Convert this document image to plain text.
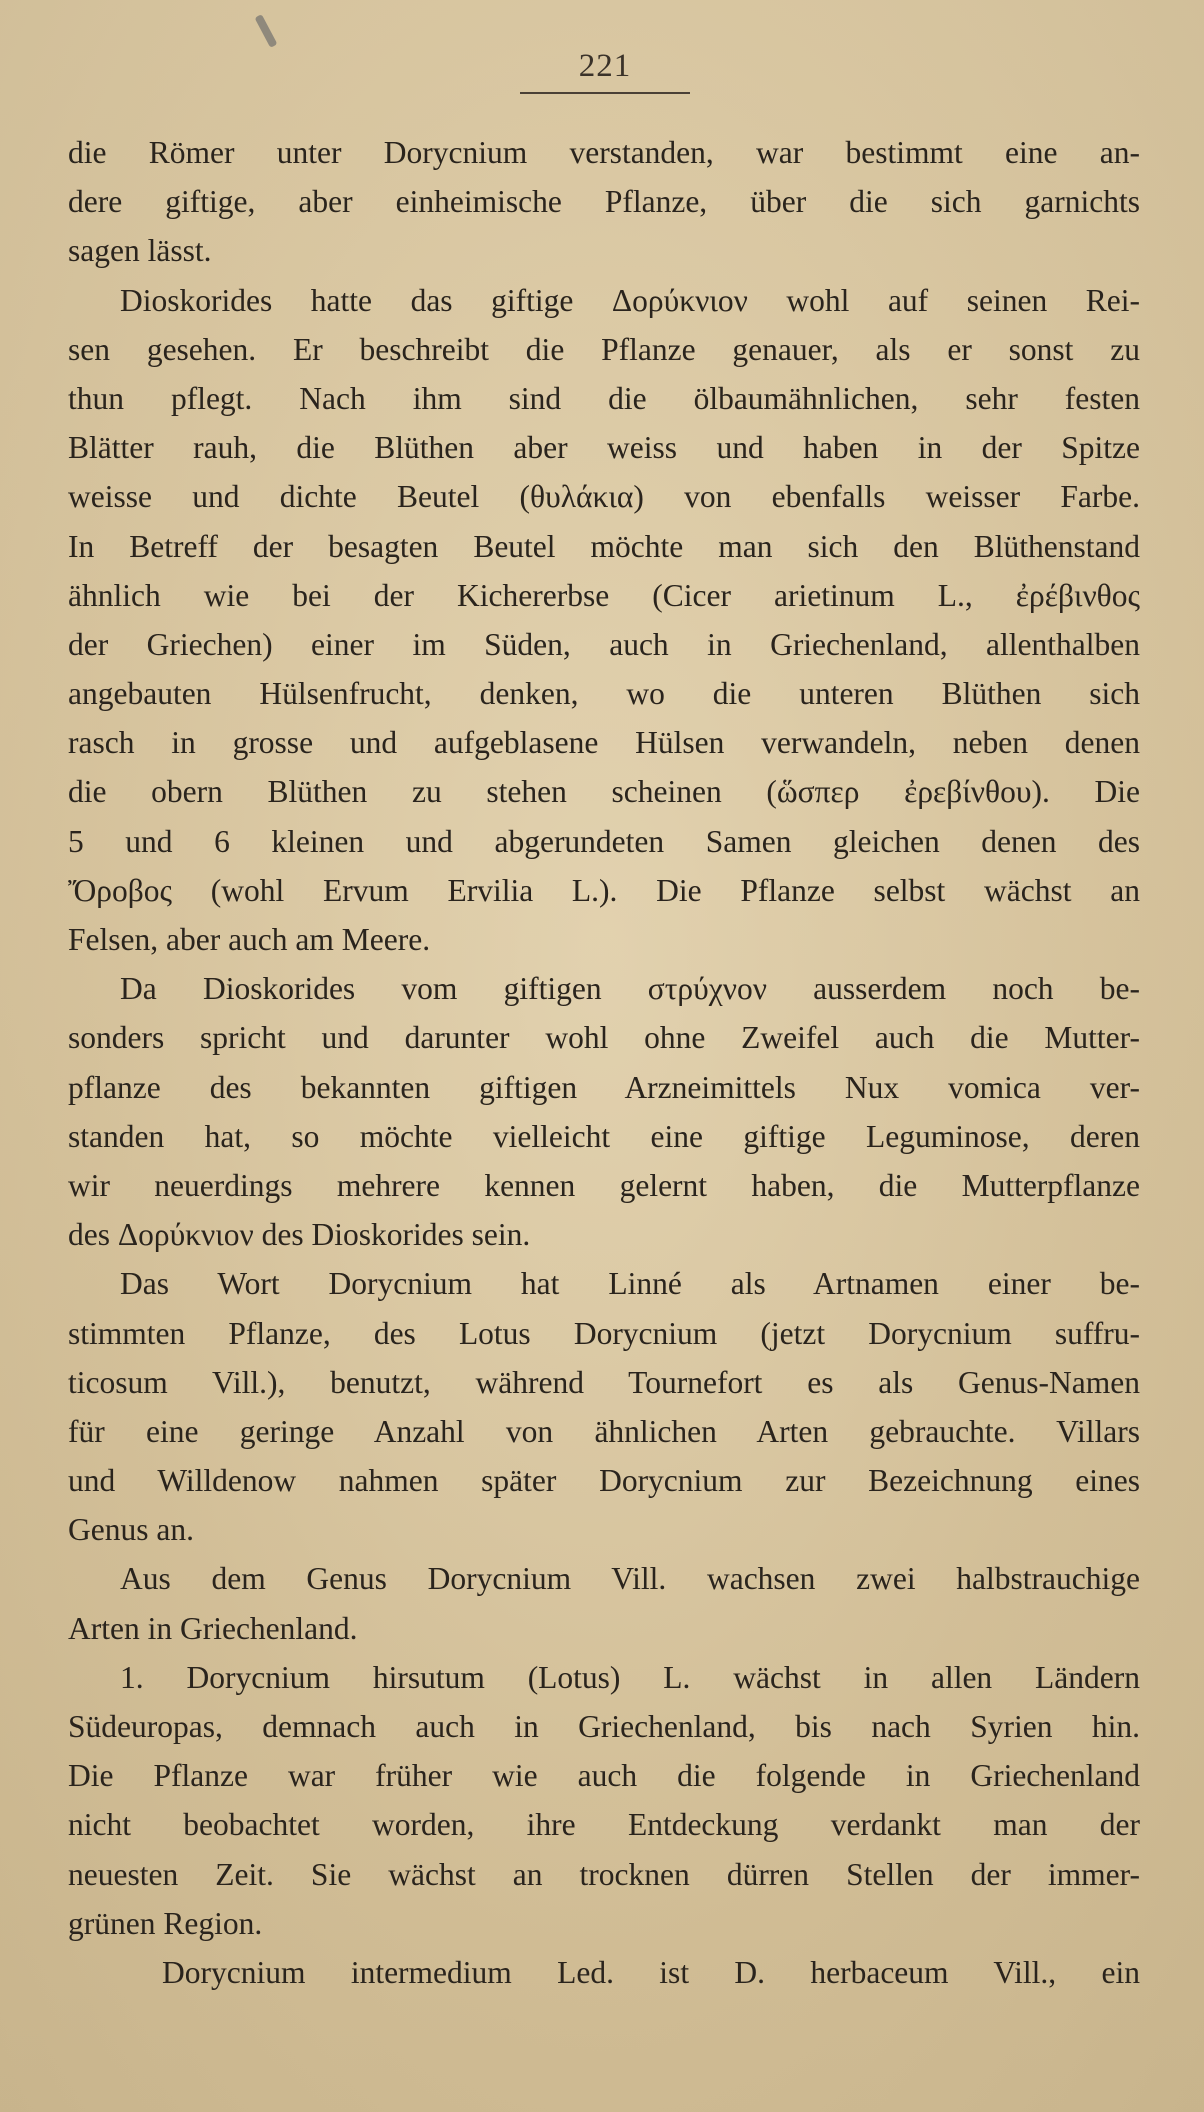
221
die Römer unter Dorycnium verstanden, war bestimmt eine an-
dere giftige, aber einheimische Pflanze, über die sich garnichts
sagen lässt.
Dioskorides hatte das giftige Δορύκνιον wohl auf seinen Rei-
sen gesehen. Er beschreibt die Pflanze genauer, als er sonst zu
thun pflegt. Nach ihm sind die ölbaumähnlichen, sehr festen
Blätter rauh, die Blüthen aber weiss und haben in der Spitze
weisse und dichte Beutel (θυλάκια) von ebenfalls weisser Farbe.
In Betreff der besagten Beutel möchte man sich den Blüthenstand
ähnlich wie bei der Kichererbse (Cicer arietinum L., ἐρέβινθος
der Griechen) einer im Süden, auch in Griechenland, allenthalben
angebauten Hülsenfrucht, denken, wo die unteren Blüthen sich
rasch in grosse und aufgeblasene Hülsen verwandeln, neben denen
die obern Blüthen zu stehen scheinen (ὥσπερ ἐρεβίνθου). Die
5 und 6 kleinen und abgerundeten Samen gleichen denen des
Ὄροβος (wohl Ervum Ervilia L.). Die Pflanze selbst wächst an
Felsen, aber auch am Meere.
Da Dioskorides vom giftigen στρύχνον ausserdem noch be-
sonders spricht und darunter wohl ohne Zweifel auch die Mutter-
pflanze des bekannten giftigen Arzneimittels Nux vomica ver-
standen hat, so möchte vielleicht eine giftige Leguminose, deren
wir neuerdings mehrere kennen gelernt haben, die Mutterpflanze
des Δορύκνιον des Dioskorides sein.
Das Wort Dorycnium hat Linné als Artnamen einer be-
stimmten Pflanze, des Lotus Dorycnium (jetzt Dorycnium suffru-
ticosum Vill.), benutzt, während Tournefort es als Genus-Namen
für eine geringe Anzahl von ähnlichen Arten gebrauchte. Villars
und Willdenow nahmen später Dorycnium zur Bezeichnung eines
Genus an.
Aus dem Genus Dorycnium Vill. wachsen zwei halbstrauchige
Arten in Griechenland.
1. Dorycnium hirsutum (Lotus) L. wächst in allen Ländern
Südeuropas, demnach auch in Griechenland, bis nach Syrien hin.
Die Pflanze war früher wie auch die folgende in Griechenland
nicht beobachtet worden, ihre Entdeckung verdankt man der
neuesten Zeit. Sie wächst an trocknen dürren Stellen der immer-
grünen Region.
Dorycnium intermedium Led. ist D. herbaceum Vill., ein
